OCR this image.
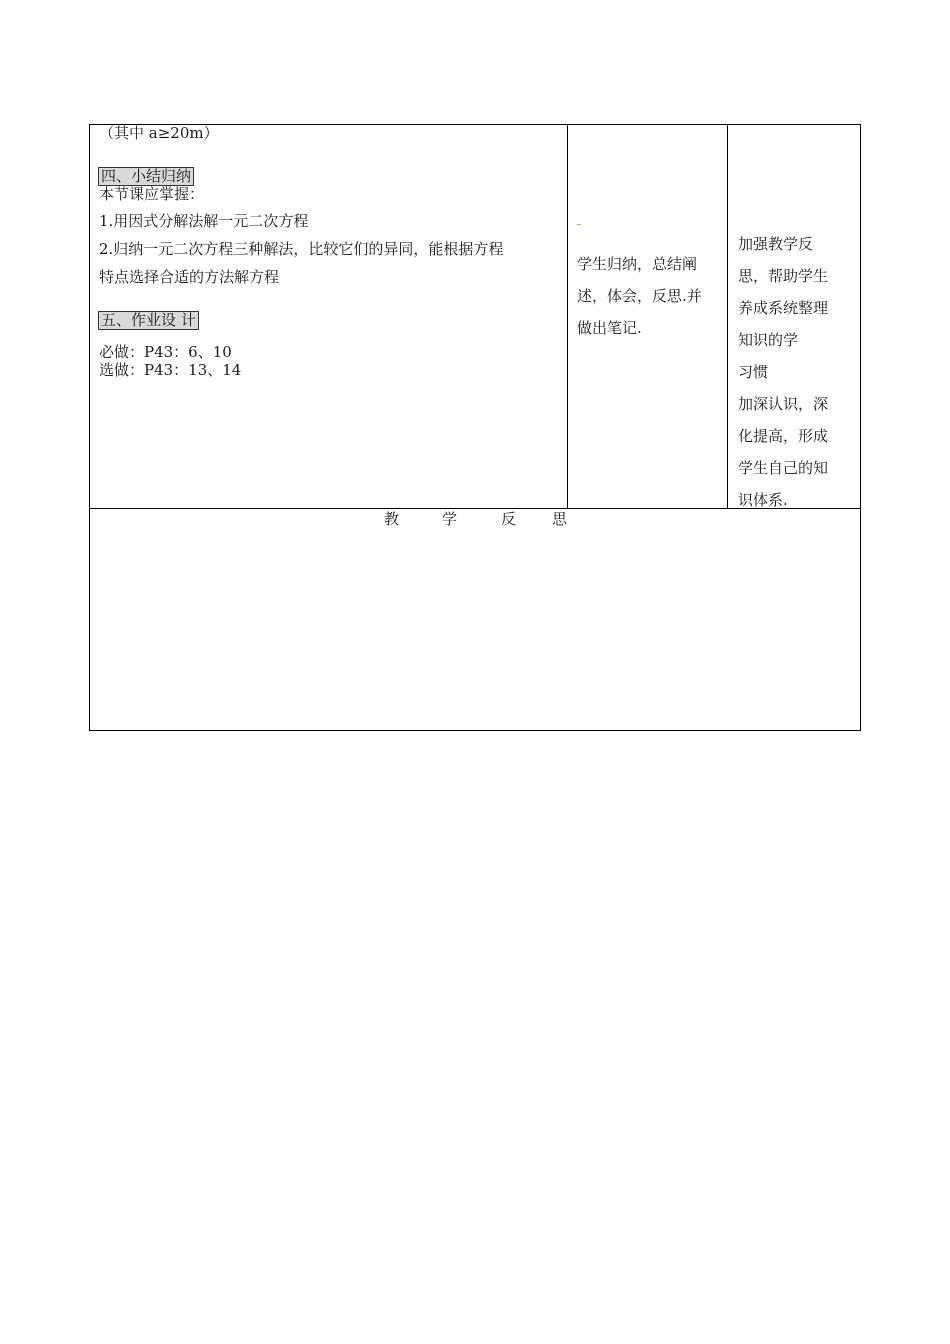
（其中 a≥20m）
四、小结归纳
本节课应掌握：
1.用因式分解法解一元二次方程
2.归纳一元二次方程三种解法，比较它们的异同，能根据方程
特点选择合适的方法解方程
五、作业设 计
必做：P43：6、10
选做：P43：13、14
学生归纳，总结阐
述，体会，反思.并
做出笔记.
加强教学反
思，帮助学生
养成系统整理
知识的学
习惯
加深认识，深
化提高，形成
学生自己的知
识体系.
教	学	反 思
